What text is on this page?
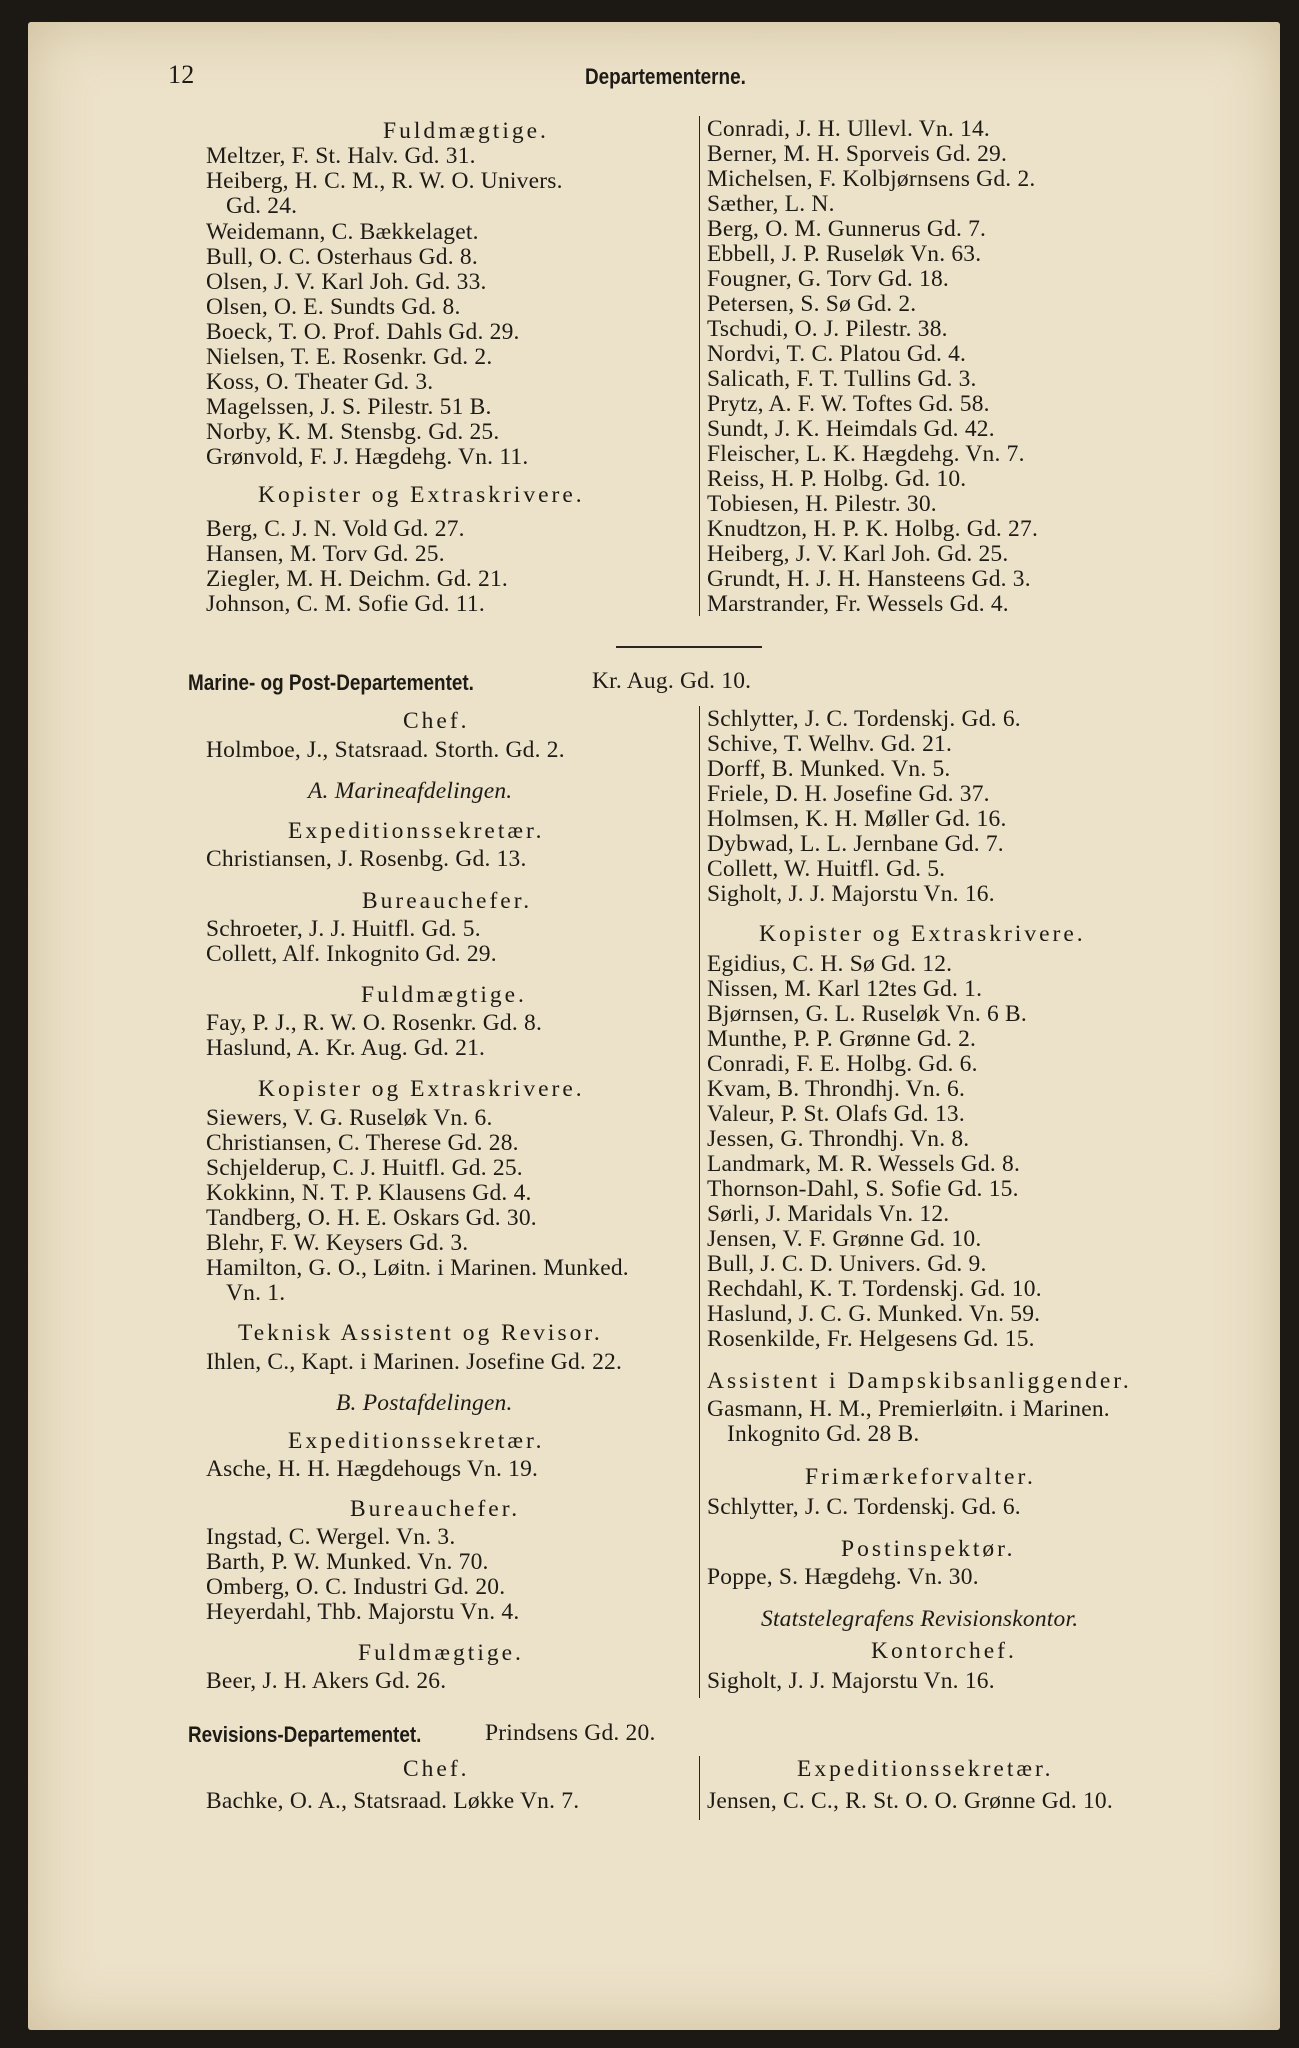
12	Departementerne.
Fuldmægtige.
Meltzer, F. St. Halv. Gd. 31.
Heiberg, H. C. M., R. W. O. Univers.
Gd. 24.
Weidemann, C. Bækkelaget.
Bull, O. C. Osterhaus Gd. 8.
Olsen, J. V. Karl Joh. Gd. 33.
Olsen, O. E. Sundts Gd. 8.
Boeck, T. O. Prof. Dahls Gd. 29.
Nielsen, T. E. Rosenkr. Gd. 2.
Koss, O. Theater Gd. 3.
Magelssen, J. S. Pilestr. 51 B.
Norby, K. M. Stensbg. Gd. 25.
Grønvold, F. J. Hægdehg. Vn. 11.
Kopister og Extraskrivere.
Berg, C. J. N. Vold Gd. 27.
Hansen, M. Torv Gd. 25.
Ziegler, M. H. Deichm. Gd. 21.
Johnson, C. M. Sofie Gd. 11.
Conradi, J. H. Ullevl. Vn. 14.
Berner, M. H. Sporveis Gd. 29.
Michelsen, F. Kolbjørnsens Gd. 2.
Sæther, L. N.
Berg, O. M. Gunnerus Gd. 7.
Ebbell, J. P. Ruseløk Vn. 63.
Fougner, G. Torv Gd. 18.
Petersen, S. Sø Gd. 2.
Tschudi, O. J. Pilestr. 38.
Nordvi, T. C. Platou Gd. 4.
Salicath, F. T. Tullins Gd. 3.
Prytz, A. F. W. Toftes Gd. 58.
Sundt, J. K. Heimdals Gd. 42.
Fleischer, L. K. Hægdehg. Vn. 7.
Reiss, H. P. Holbg. Gd. 10.
Tobiesen, H. Pilestr. 30.
Knudtzon, H. P. K. Holbg. Gd. 27.
Heiberg, J. V. Karl Joh. Gd. 25.
Grundt, H. J. H. Hansteens Gd. 3.
Marstrander, Fr. Wessels Gd. 4.
Marine- og Post-Departementet.	Kr. Aug. Gd. 10.
Chef.
Holmboe, J., Statsraad. Storth. Gd. 2.
A. Marineafdelingen.
Expeditionssekretær.
Christiansen, J. Rosenbg. Gd. 13.
Bureauchefer.
Schroeter, J. J. Huitfl. Gd. 5.
Collett, Alf. Inkognito Gd. 29.
Fuldmægtige.
Fay, P. J., R. W. O. Rosenkr. Gd. 8.
Haslund, A. Kr. Aug. Gd. 21.
Kopister og Extraskrivere.
Siewers, V. G. Ruseløk Vn. 6.
Christiansen, C. Therese Gd. 28.
Schjelderup, C. J. Huitfl. Gd. 25.
Kokkinn, N. T. P. Klausens Gd. 4.
Tandberg, O. H. E. Oskars Gd. 30.
Blehr, F. W. Keysers Gd. 3.
Hamilton, G. O., Løitn. i Marinen. Munked.
Vn. 1.
Teknisk Assistent og Revisor.
Ihlen, C., Kapt. i Marinen. Josefine Gd. 22.
B. Postafdelingen.
Expeditionssekretær.
Asche, H. H. Hægdehougs Vn. 19.
Bureauchefer.
Ingstad, C. Wergel. Vn. 3.
Barth, P. W. Munked. Vn. 70.
Omberg, O. C. Industri Gd. 20.
Heyerdahl, Thb. Majorstu Vn. 4.
Fuldmægtige.
Beer, J. H. Akers Gd. 26.
Schlytter, J. C. Tordenskj. Gd. 6.
Schive, T. Welhv. Gd. 21.
Dorff, B. Munked. Vn. 5.
Friele, D. H. Josefine Gd. 37.
Holmsen, K. H. Møller Gd. 16.
Dybwad, L. L. Jernbane Gd. 7.
Collett, W. Huitfl. Gd. 5.
Sigholt, J. J. Majorstu Vn. 16.
Kopister og Extraskrivere.
Egidius, C. H. Sø Gd. 12.
Nissen, M. Karl 12tes Gd. 1.
Bjørnsen, G. L. Ruseløk Vn. 6 B.
Munthe, P. P. Grønne Gd. 2.
Conradi, F. E. Holbg. Gd. 6.
Kvam, B. Throndhj. Vn. 6.
Valeur, P. St. Olafs Gd. 13.
Jessen, G. Throndhj. Vn. 8.
Landmark, M. R. Wessels Gd. 8.
Thornson-Dahl, S. Sofie Gd. 15.
Sørli, J. Maridals Vn. 12.
Jensen, V. F. Grønne Gd. 10.
Bull, J. C. D. Univers. Gd. 9.
Rechdahl, K. T. Tordenskj. Gd. 10.
Haslund, J. C. G. Munked. Vn. 59.
Rosenkilde, Fr. Helgesens Gd. 15.
Assistent i Dampskibsanliggender.
Gasmann, H. M., Premierløitn. i Marinen.
Inkognito Gd. 28 B.
Frimærkeforvalter.
Schlytter, J. C. Tordenskj. Gd. 6.
Postinspektør.
Poppe, S. Hægdehg. Vn. 30.
Statstelegrafens Revisionskontor.
Kontorchef.
Sigholt, J. J. Majorstu Vn. 16.
Revisions-Departementet.	Prindsens Gd. 20.
Chef.
Bachke, O. A., Statsraad. Løkke Vn. 7.
Expeditionssekretær.
Jensen, C. C., R. St. O. O. Grønne Gd. 10.
